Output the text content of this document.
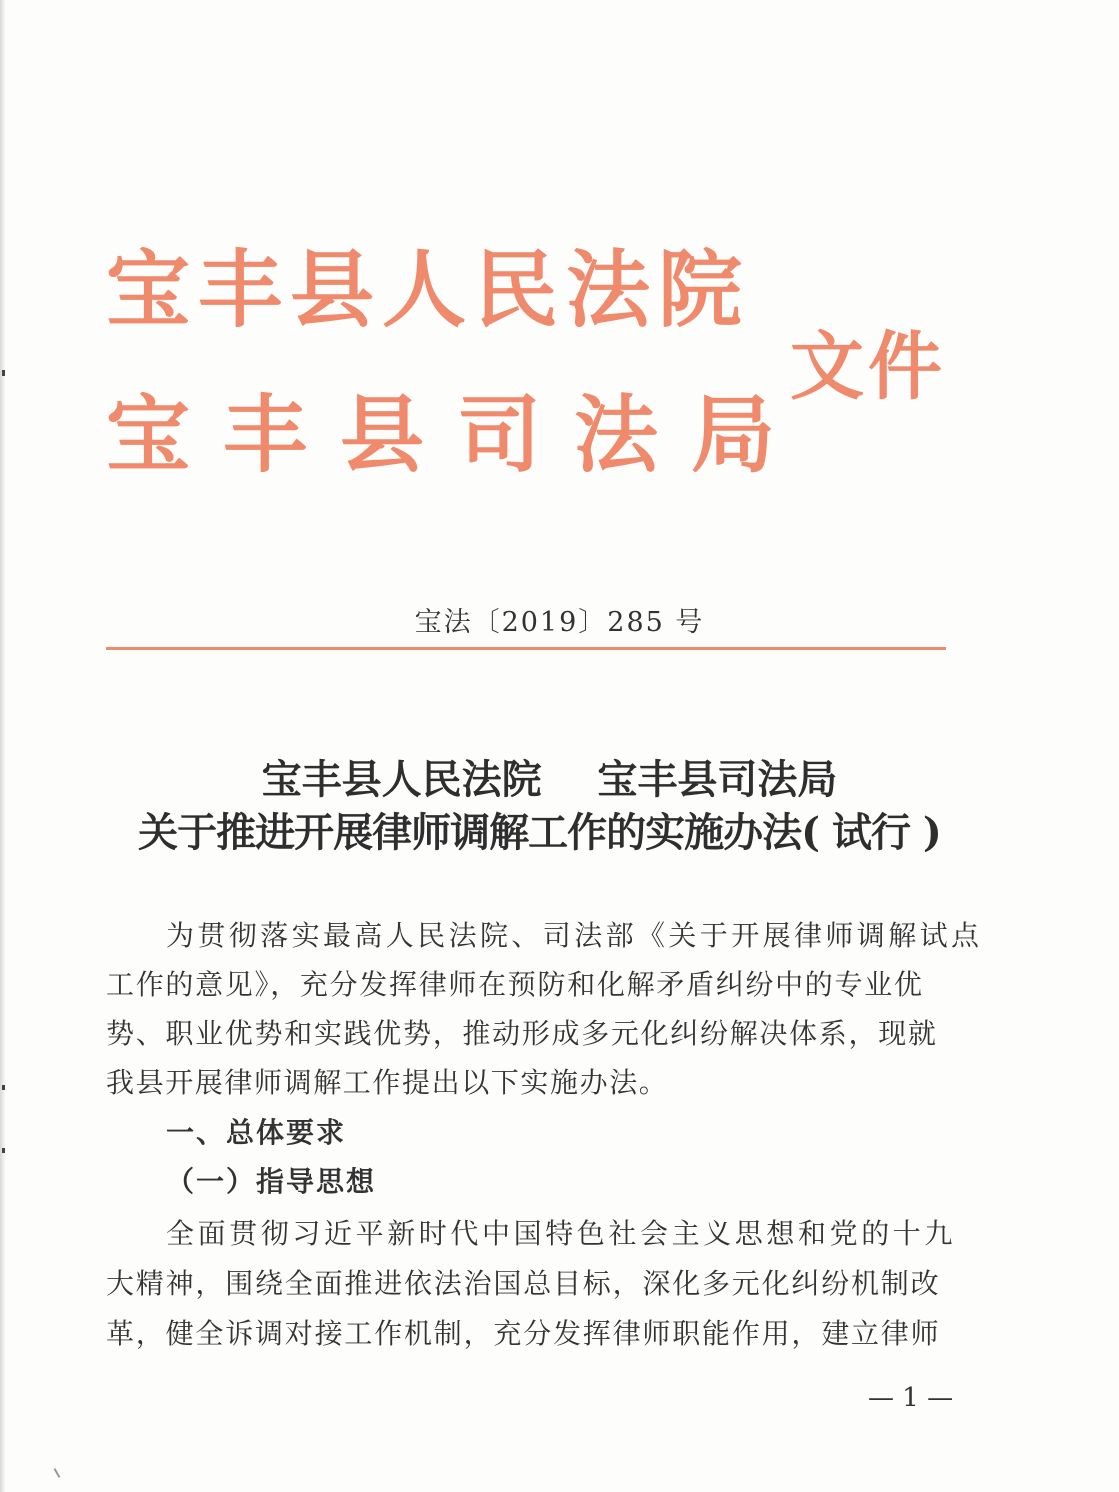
宝丰县人民法院
宝丰县司法局
文件
宝法〔2019〕285 号
宝丰县人民法院    宝丰县司法局
关于推进开展律师调解工作的实施办法( 试行 )
为贯彻落实最高人民法院、司法部《关于开展律师调解试点
工作的意见》，充分发挥律师在预防和化解矛盾纠纷中的专业优
势、职业优势和实践优势，推动形成多元化纠纷解决体系，现就
我县开展律师调解工作提出以下实施办法。
一、总体要求
（一）指导思想
全面贯彻习近平新时代中国特色社会主义思想和党的十九
大精神，围绕全面推进依法治国总目标，深化多元化纠纷机制改
革，健全诉调对接工作机制，充分发挥律师职能作用，建立律师
— 1 —
